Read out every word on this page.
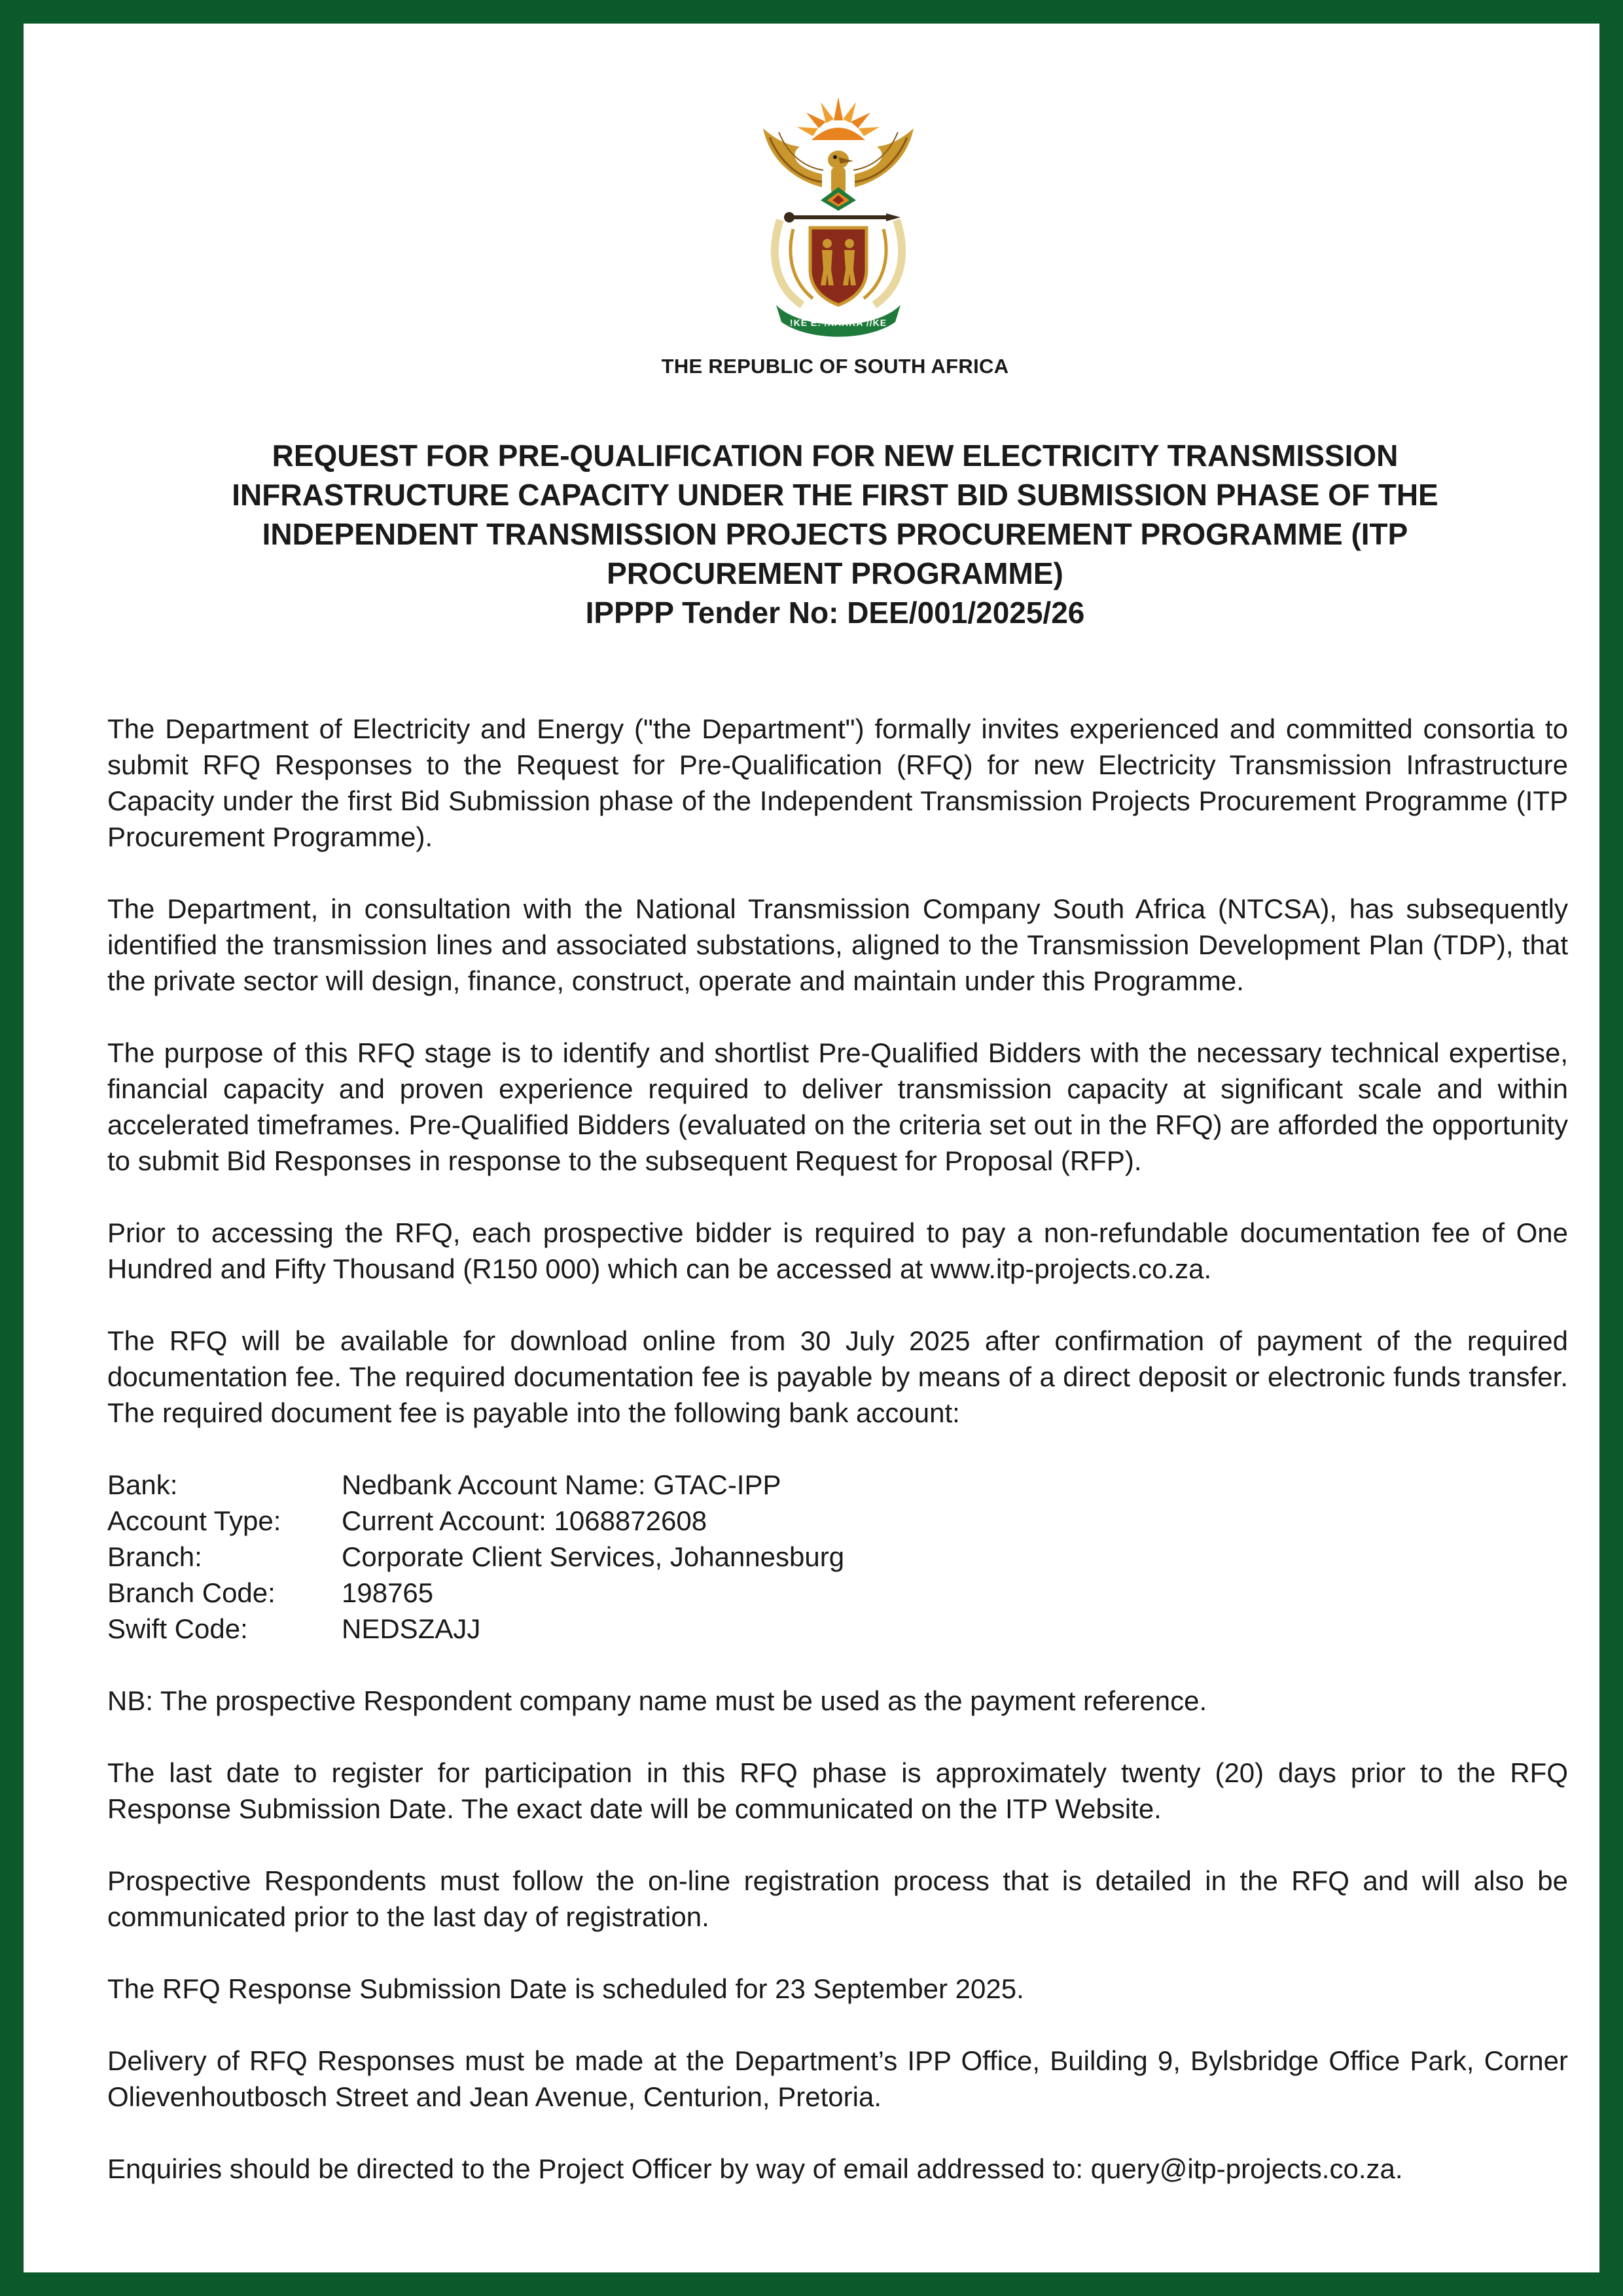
!KE E: /XARRA //KE
THE REPUBLIC OF SOUTH AFRICA
REQUEST FOR PRE-QUALIFICATION FOR NEW ELECTRICITY TRANSMISSION
INFRASTRUCTURE CAPACITY UNDER THE FIRST BID SUBMISSION PHASE OF THE
INDEPENDENT TRANSMISSION PROJECTS PROCUREMENT PROGRAMME (ITP
PROCUREMENT PROGRAMME)
IPPPP Tender No: DEE/001/2025/26

The Department of Electricity and Energy ("the Department") formally invites experienced and committed consortia to submit RFQ Responses to the Request for Pre-Qualification (RFQ) for new Electricity Transmission Infrastructure Capacity under the first Bid Submission phase of the Independent Transmission Projects Procurement Programme (ITP Procurement Programme).

The Department, in consultation with the National Transmission Company South Africa (NTCSA), has subsequently identified the transmission lines and associated substations, aligned to the Transmission Development Plan (TDP), that the private sector will design, finance, construct, operate and maintain under this Programme.

The purpose of this RFQ stage is to identify and shortlist Pre-Qualified Bidders with the necessary technical expertise, financial capacity and proven experience required to deliver transmission capacity at significant scale and within accelerated timeframes. Pre-Qualified Bidders (evaluated on the criteria set out in the RFQ) are afforded the opportunity to submit Bid Responses in response to the subsequent Request for Proposal (RFP).

Prior to accessing the RFQ, each prospective bidder is required to pay a non-refundable documentation fee of One Hundred and Fifty Thousand (R150 000) which can be accessed at www.itp-projects.co.za.

The RFQ will be available for download online from 30 July 2025 after confirmation of payment of the required documentation fee. The required documentation fee is payable by means of a direct deposit or electronic funds transfer. The required document fee is payable into the following bank account:

Bank:	Nedbank Account Name: GTAC-IPP
Account Type:	Current Account: 1068872608
Branch:	Corporate Client Services, Johannesburg
Branch Code:	198765
Swift Code:	NEDSZAJJ

NB: The prospective Respondent company name must be used as the payment reference.

The last date to register for participation in this RFQ phase is approximately twenty (20) days prior to the RFQ Response Submission Date. The exact date will be communicated on the ITP Website.

Prospective Respondents must follow the on-line registration process that is detailed in the RFQ and will also be communicated prior to the last day of registration.

The RFQ Response Submission Date is scheduled for 23 September 2025.

Delivery of RFQ Responses must be made at the Department’s IPP Office, Building 9, Bylsbridge Office Park, Corner Olievenhoutbosch Street and Jean Avenue, Centurion, Pretoria.

Enquiries should be directed to the Project Officer by way of email addressed to: query@itp-projects.co.za.
